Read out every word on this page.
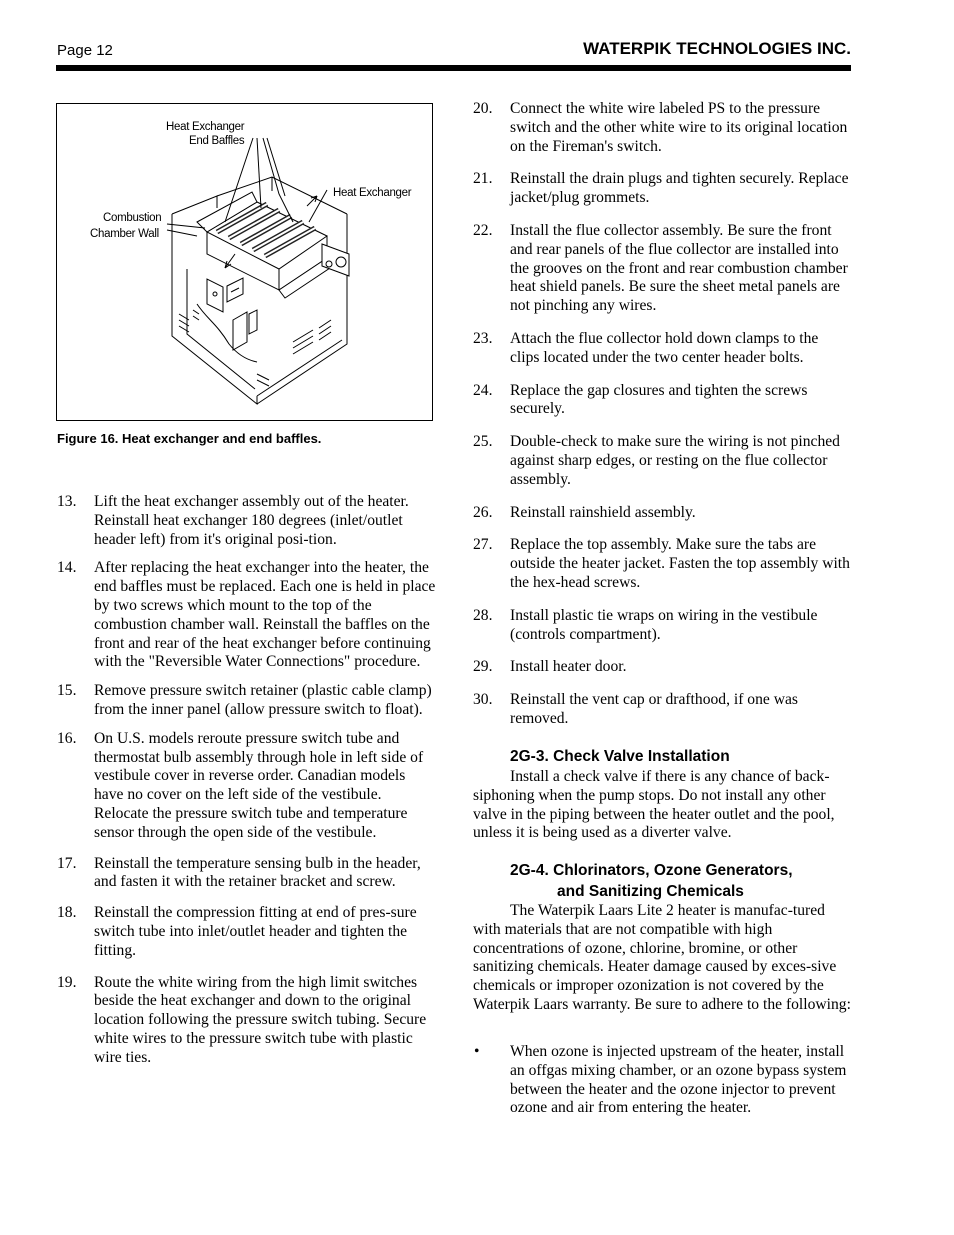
Page 12	WATERPIK TECHNOLOGIES INC.
Heat Exchanger
End Baffles
Heat Exchanger
Combustion
Chamber Wall
Figure 16. Heat exchanger and end baffles.
13. Lift the heat exchanger assembly out of the heater. Reinstall heat exchanger 180 degrees (inlet/outlet header left) from it's original posi-tion.
14. After replacing the heat exchanger into the heater, the end baffles must be replaced. Each one is held in place by two screws which mount to the top of the combustion chamber wall. Reinstall the baffles on the front and rear of the heat exchanger before continuing with the "Reversible Water Connections" procedure.
15. Remove pressure switch retainer (plastic cable clamp) from the inner panel (allow pressure switch to float).
16. On U.S. models reroute pressure switch tube and thermostat bulb assembly through hole in left side of vestibule cover in reverse order. Canadian models have no cover on the left side of the vestibule. Relocate the pressure switch tube and temperature sensor through the open side of the vestibule.
17. Reinstall the temperature sensing bulb in the header, and fasten it with the retainer bracket and screw.
18. Reinstall the compression fitting at end of pres-sure switch tube into inlet/outlet header and tighten the fitting.
19. Route the white wiring from the high limit switches beside the heat exchanger and down to the original location following the pressure switch tubing. Secure white wires to the pressure switch tube with plastic wire ties.
20. Connect the white wire labeled PS to the pressure switch and the other white wire to its original location on the Fireman's switch.
21. Reinstall the drain plugs and tighten securely. Replace jacket/plug grommets.
22. Install the flue collector assembly. Be sure the front and rear panels of the flue collector are installed into the grooves on the front and rear combustion chamber heat shield panels. Be sure the sheet metal panels are not pinching any wires.
23. Attach the flue collector hold down clamps to the clips located under the two center header bolts.
24. Replace the gap closures and tighten the screws securely.
25. Double-check to make sure the wiring is not pinched against sharp edges, or resting on the flue collector assembly.
26. Reinstall rainshield assembly.
27. Replace the top assembly. Make sure the tabs are outside the heater jacket. Fasten the top assembly with the hex-head screws.
28. Install plastic tie wraps on wiring in the vestibule (controls compartment).
29. Install heater door.
30. Reinstall the vent cap or drafthood, if one was removed.
2G-3. Check Valve Installation
Install a check valve if there is any chance of back-siphoning when the pump stops. Do not install any other valve in the piping between the heater outlet and the pool, unless it is being used as a diverter valve.
2G-4. Chlorinators, Ozone Generators,
and Sanitizing Chemicals
The Waterpik Laars Lite 2 heater is manufac-tured with materials that are not compatible with high concentrations of ozone, chlorine, bromine, or other sanitizing chemicals. Heater damage caused by exces-sive chemicals or improper ozonization is not covered by the Waterpik Laars warranty. Be sure to adhere to the following:
• When ozone is injected upstream of the heater, install an offgas mixing chamber, or an ozone bypass system between the heater and the ozone injector to prevent ozone and air from entering the heater.
